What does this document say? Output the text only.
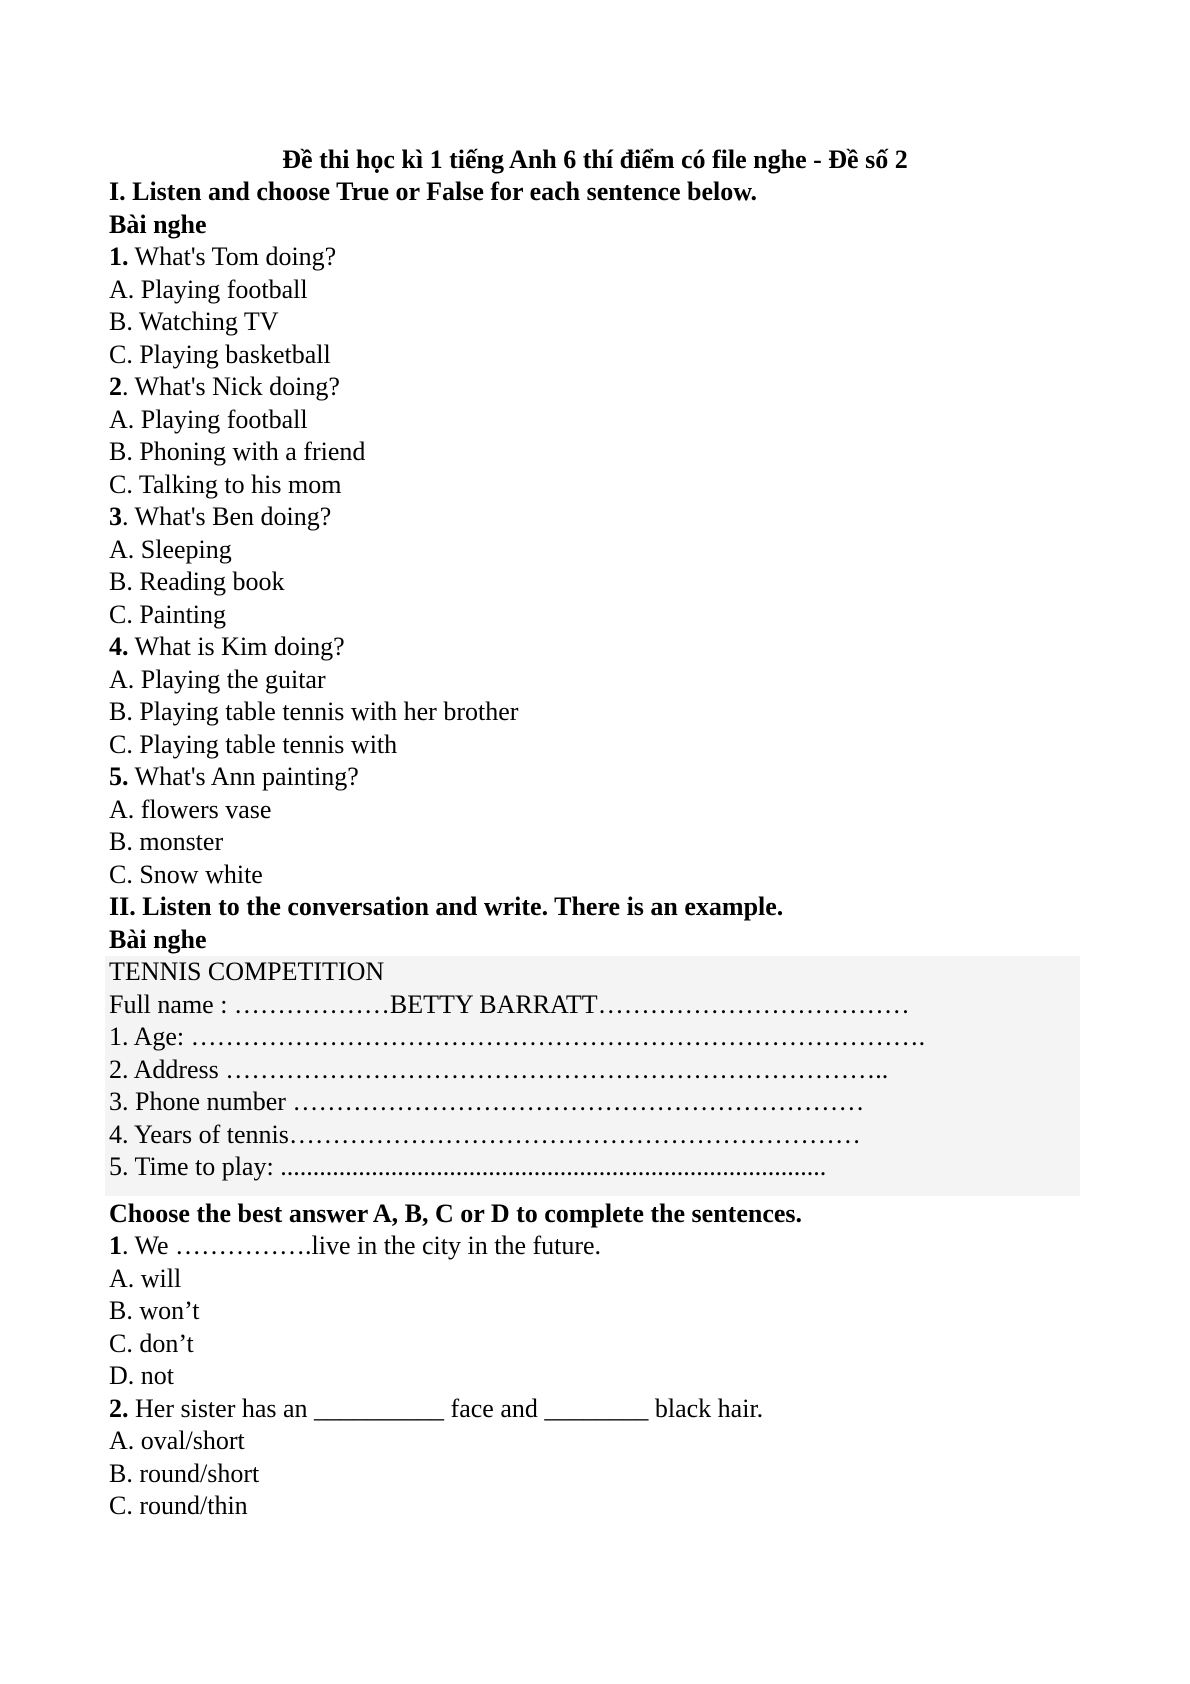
Đề thi học kì 1 tiếng Anh 6 thí điểm có file nghe - Đề số 2
I. Listen and choose True or False for each sentence below.
Bài nghe
1. What's Tom doing?
A. Playing football
B. Watching TV
C. Playing basketball
2. What's Nick doing?
A. Playing football
B. Phoning with a friend
C. Talking to his mom
3. What's Ben doing?
A. Sleeping
B. Reading book
C. Painting
4. What is Kim doing?
A. Playing the guitar
B. Playing table tennis with her brother
C. Playing table tennis with
5. What's Ann painting?
A. flowers vase
B. monster
C. Snow white
II. Listen to the conversation and write. There is an example.
Bài nghe
TENNIS COMPETITION
Full name : ………………BETTY BARRATT………………………………
1. Age: ………………………………………………………………………….
2. Address …………………………………………………………………..
3. Phone number …………………………………………………………
4. Years of tennis…………………………………………………………
5. Time to play: ....................................................................................
Choose the best answer A, B, C or D to complete the sentences.
1. We …………….live in the city in the future.
A. will
B. won’t
C. don’t
D. not
2. Her sister has an __________ face and ________ black hair.
A. oval/short
B. round/short
C. round/thin
